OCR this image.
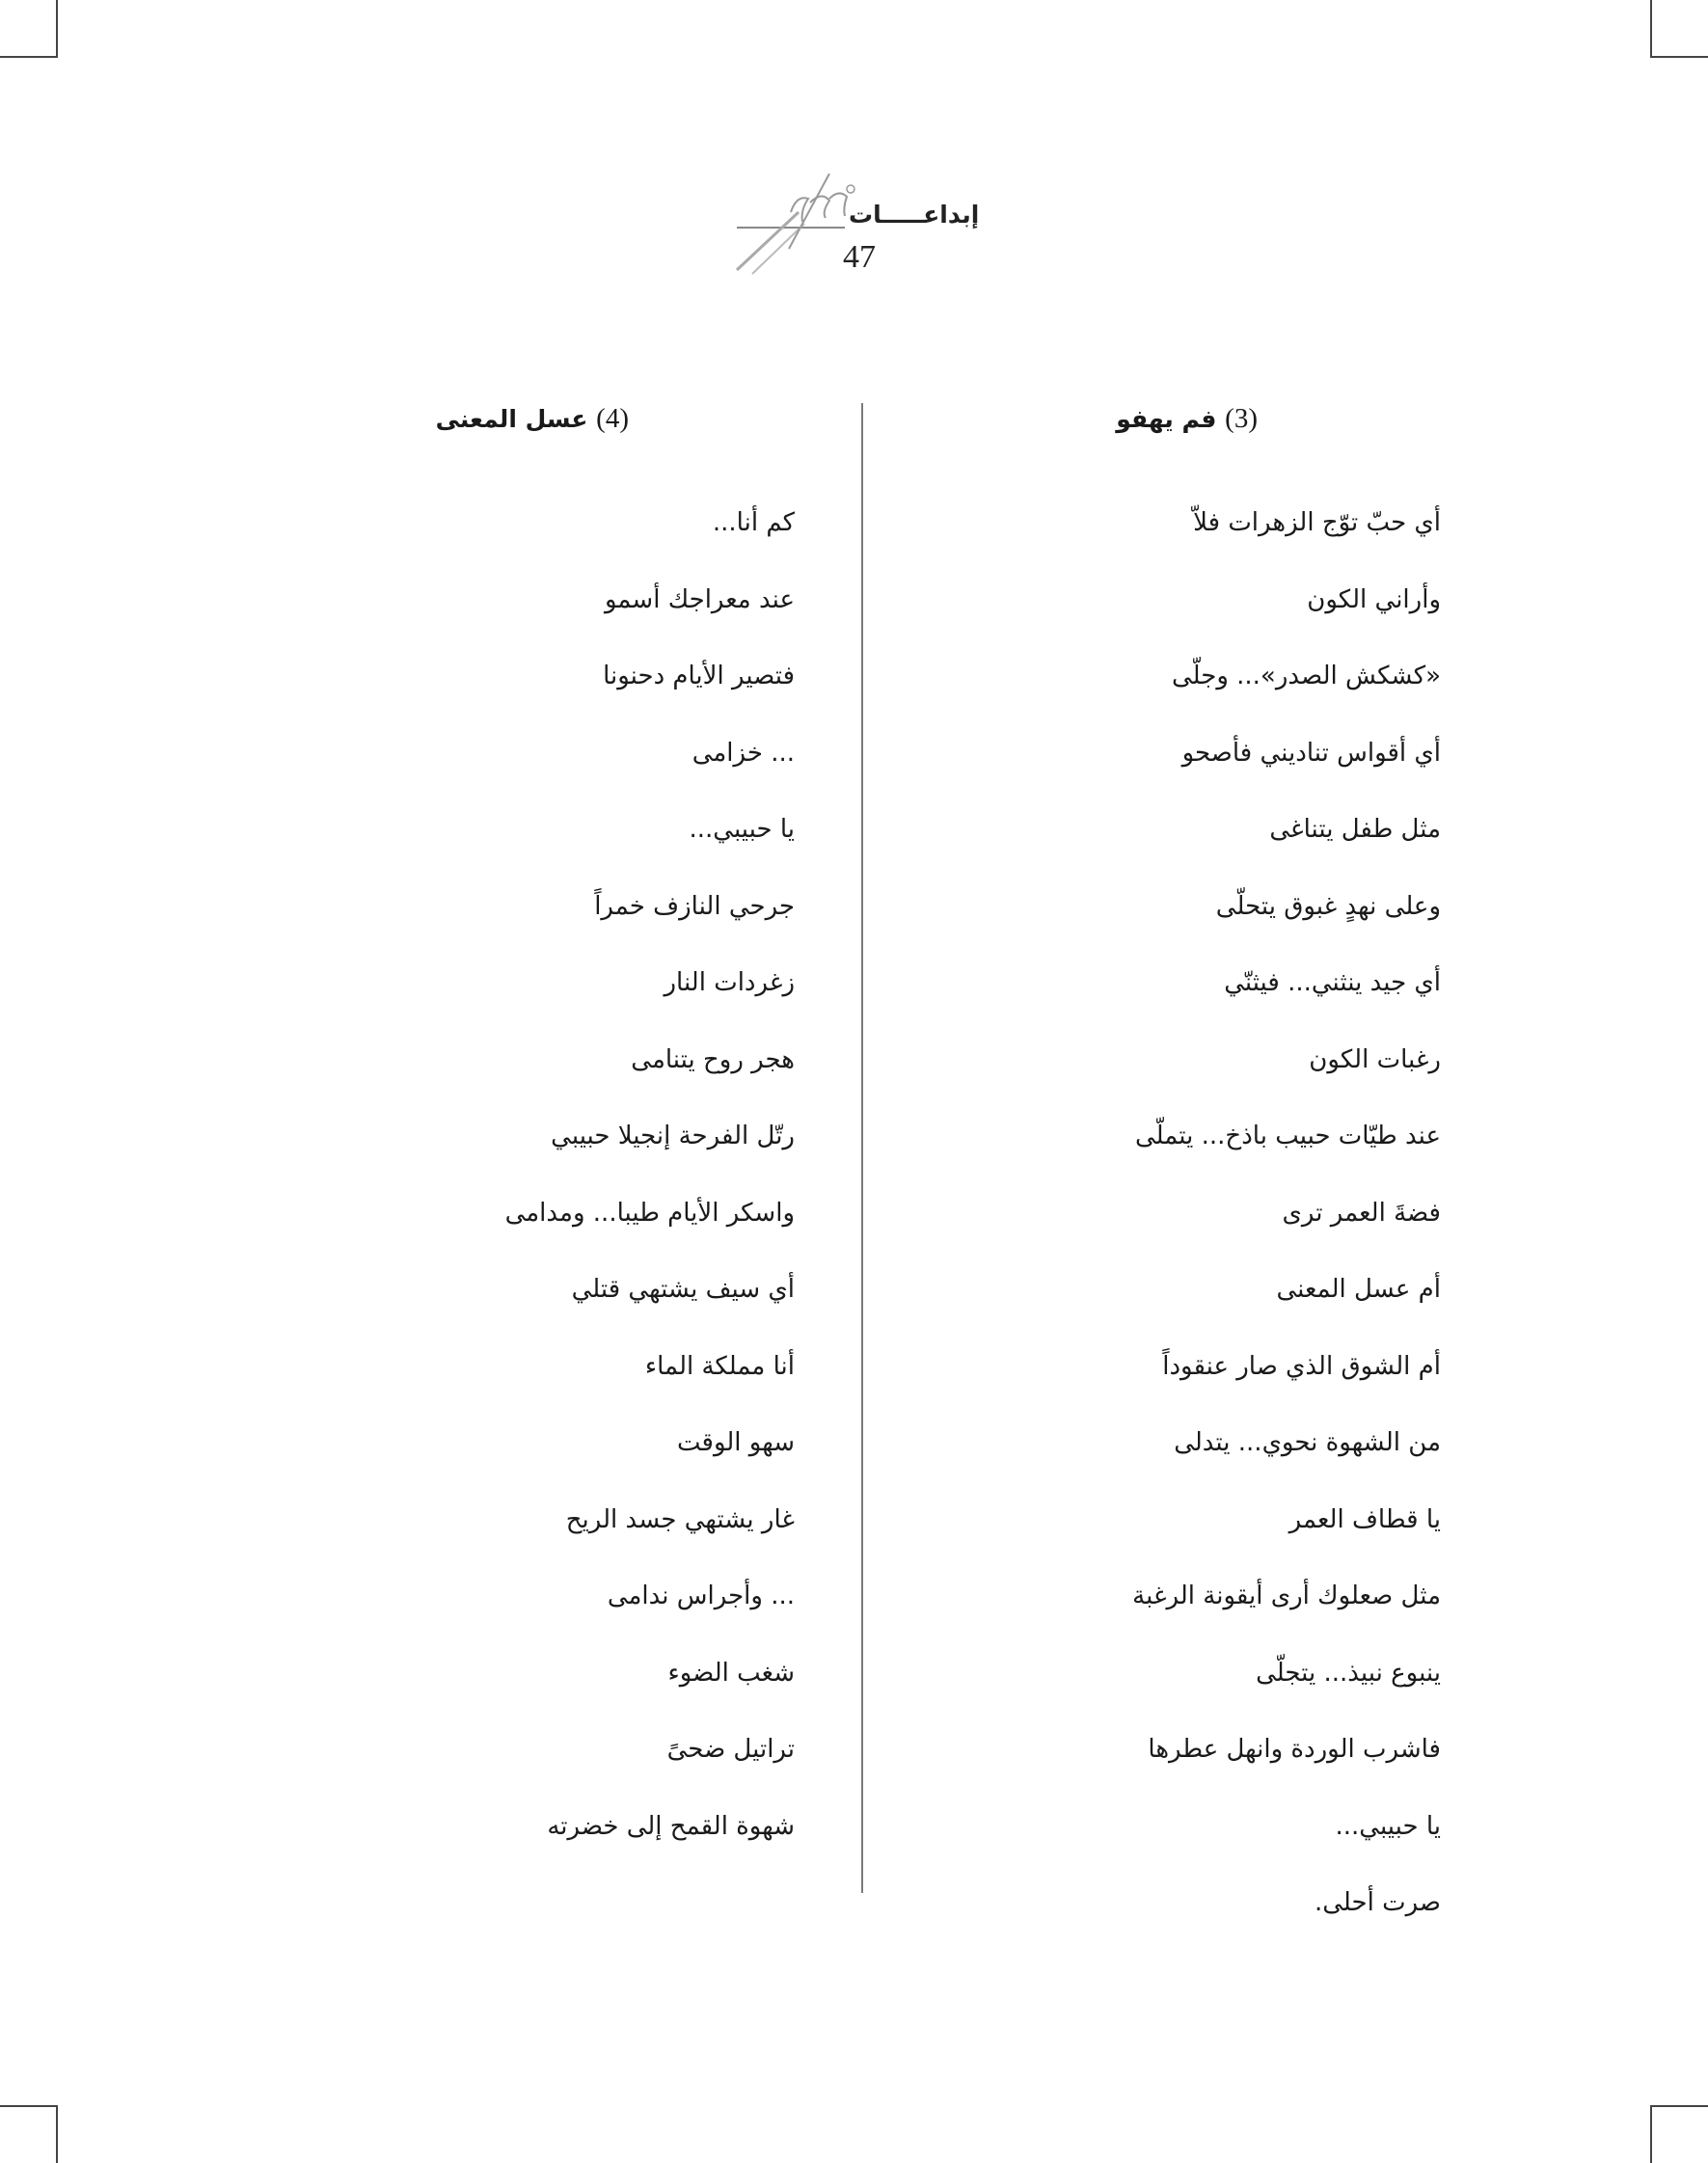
إبداعـــــات
47
(3) فم يهفو
أي حبّ توّج الزهرات فلاّ
وأراني الكون
«كشكش الصدر»... وجلّى
أي أقواس تناديني فأصحو
مثل طفل يتناغى
وعلى نهدٍ غبوق يتحلّى
أي جيد ينثني... فيثنّي
رغبات الكون
عند طيّات حبيب باذخ... يتملّى
فضةَ العمر ترى
أم عسل المعنى
أم الشوق الذي صار عنقوداً
من الشهوة نحوي... يتدلى
يا قطاف العمر
مثل صعلوك أرى أيقونة الرغبة
ينبوع نبيذ... يتجلّى
فاشرب الوردة وانهل عطرها
يا حبيبي...
صرت أحلى.
(4) عسل المعنى
كم أنا...
عند معراجك أسمو
فتصير الأيام دحنونا
... خزامى
يا حبيبي...
جرحي النازف خمراً
زغردات النار
هجر روح يتنامى
رتّل الفرحة إنجيلا حبيبي
واسكر الأيام طيبا... ومدامى
أي سيف يشتهي قتلي
أنا مملكة الماء
سهو الوقت
غار يشتهي جسد الريح
... وأجراس ندامى
شغب الضوء
تراتيل ضحىً
شهوة القمح إلى خضرته
